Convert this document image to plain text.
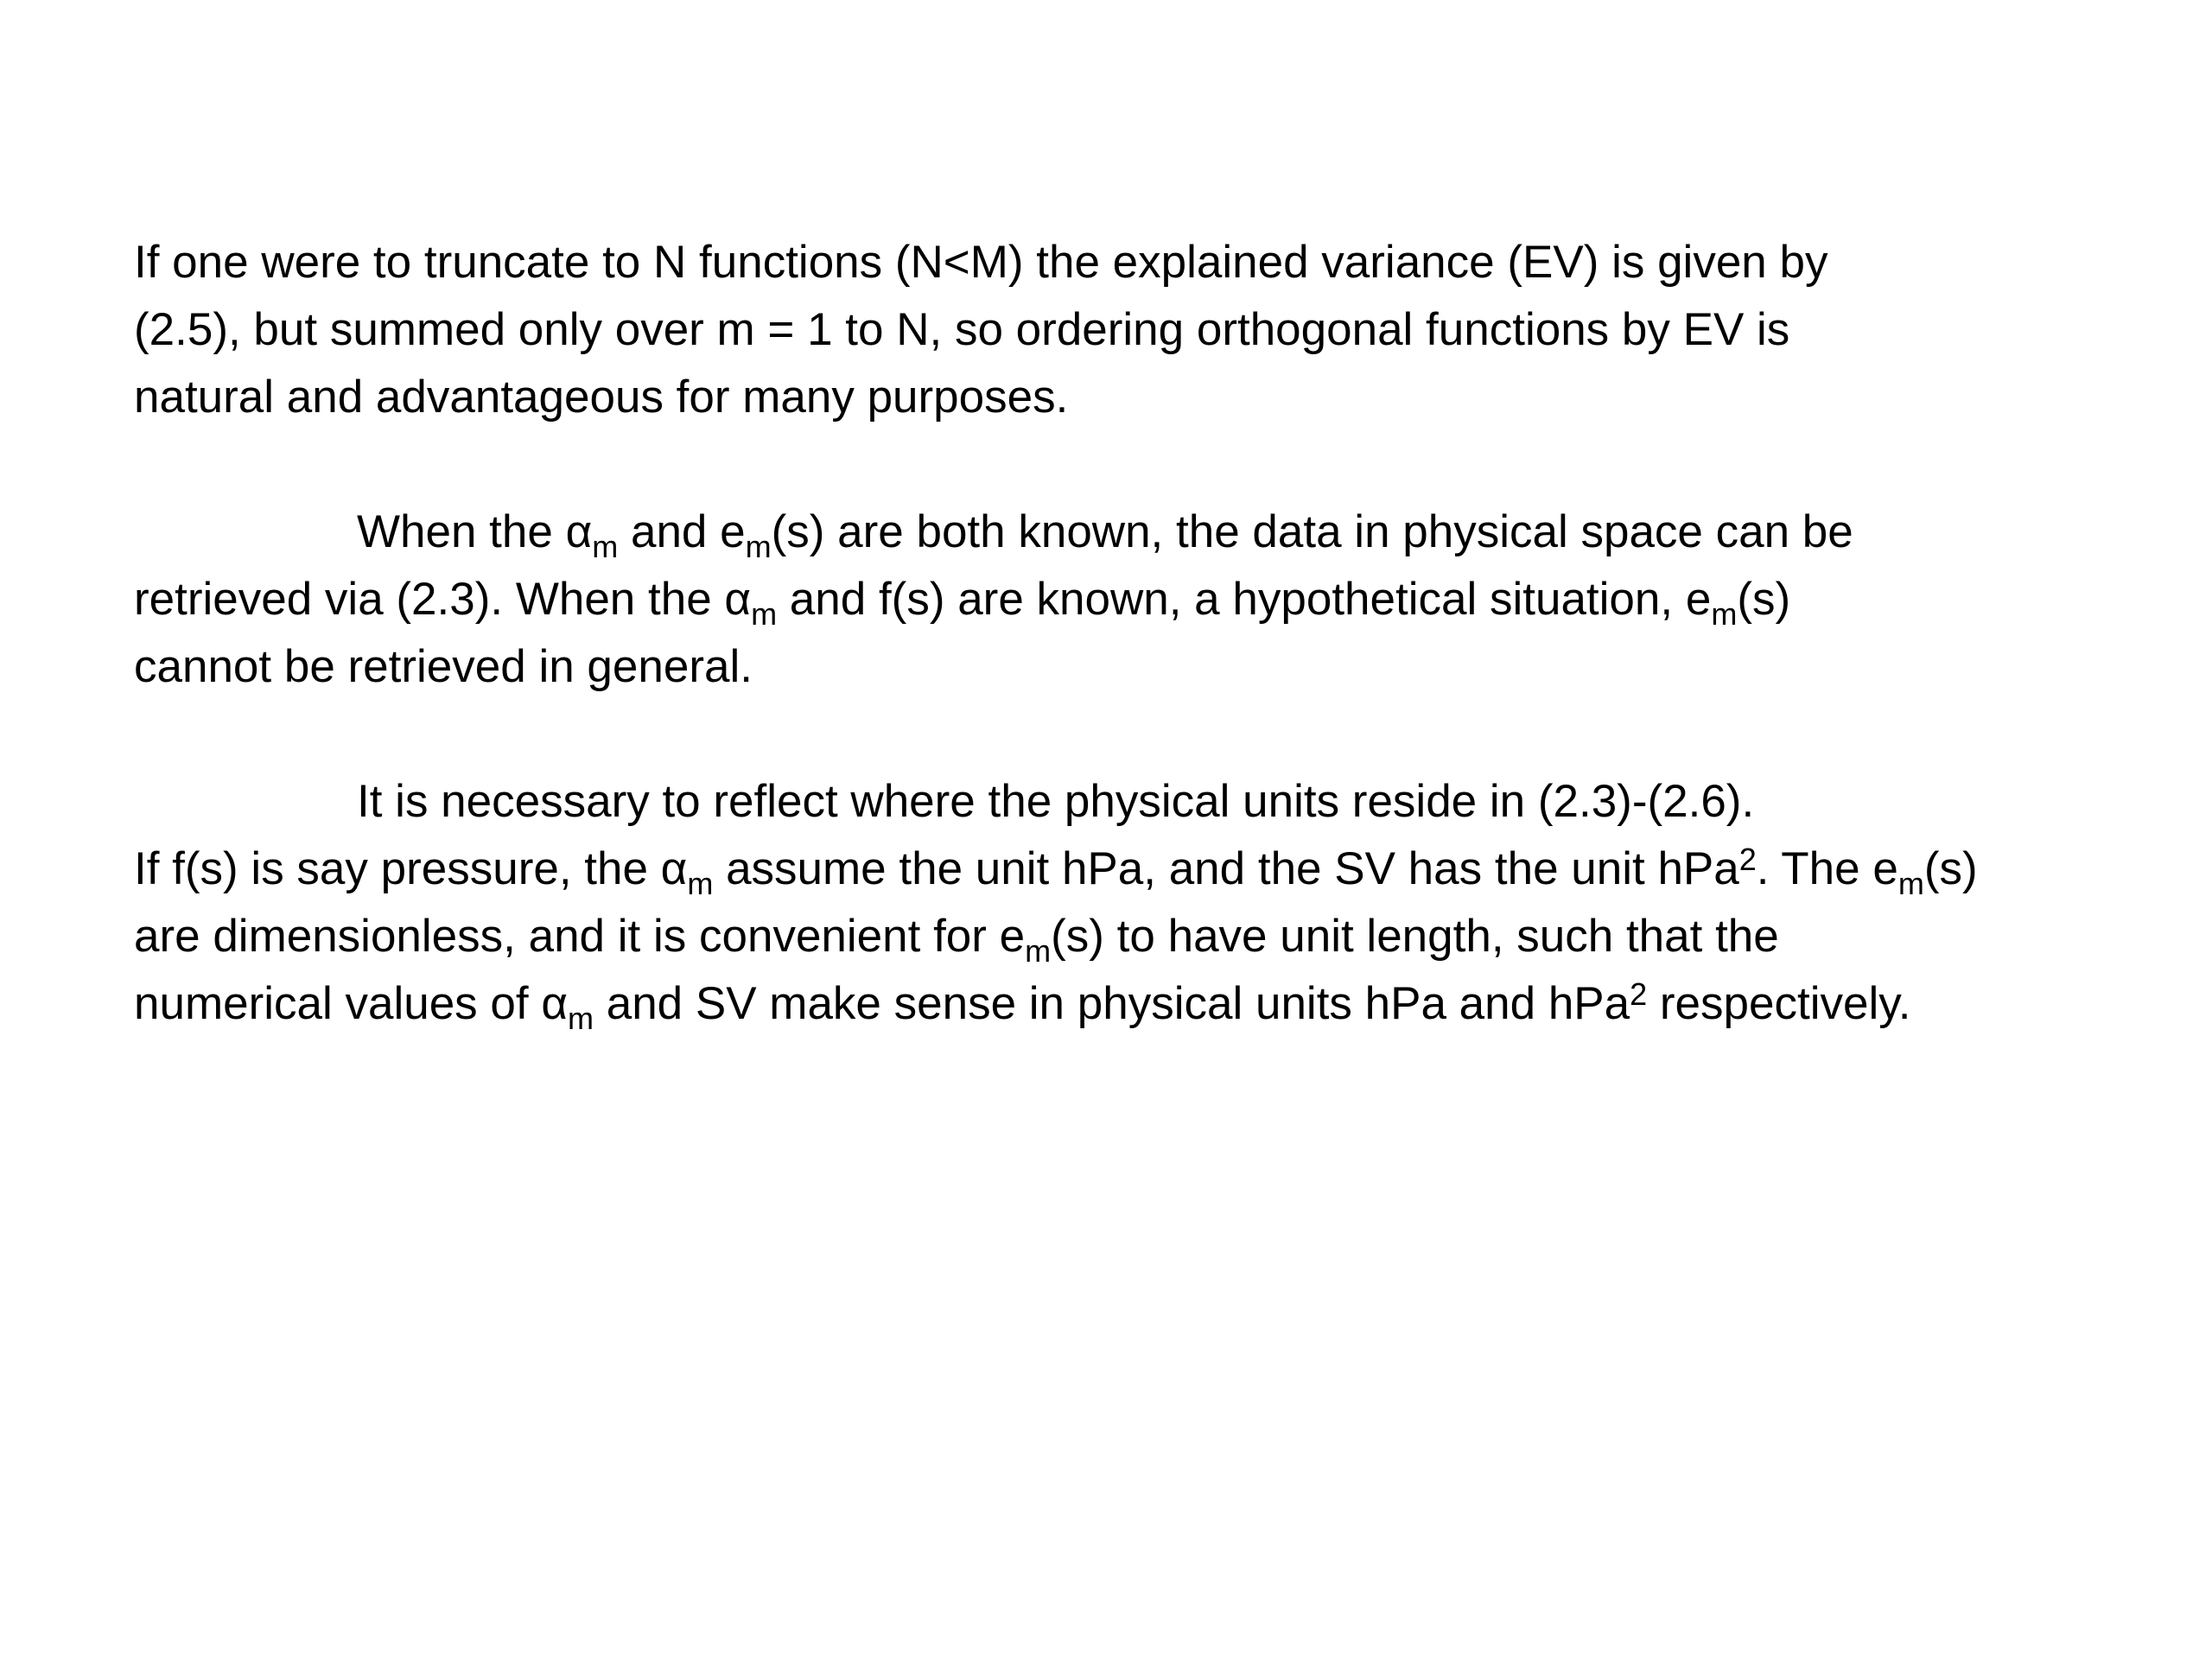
If one were to truncate to N functions (N<M) the explained variance (EV) is given by
(2.5), but summed only over m = 1 to N, so ordering orthogonal functions by EV is
natural and advantageous for many purposes.

When the $\alpha_m$ and $e_m(s)$ are both known, the data in physical space can be
retrieved via (2.3). When the $\alpha_m$ and f(s) are known, a hypothetical situation, $e_m(s)$
cannot be retrieved in general.

It is necessary to reflect where the physical units reside in (2.3)-(2.6).
If f(s) is say pressure, the $\alpha_m$ assume the unit hPa, and the SV has the unit hPa$^2$. The $e_m(s)$
are dimensionless, and it is convenient for $e_m(s)$ to have unit length, such that the
numerical values of $\alpha_m$ and SV make sense in physical units hPa and hPa$^2$ respectively.
